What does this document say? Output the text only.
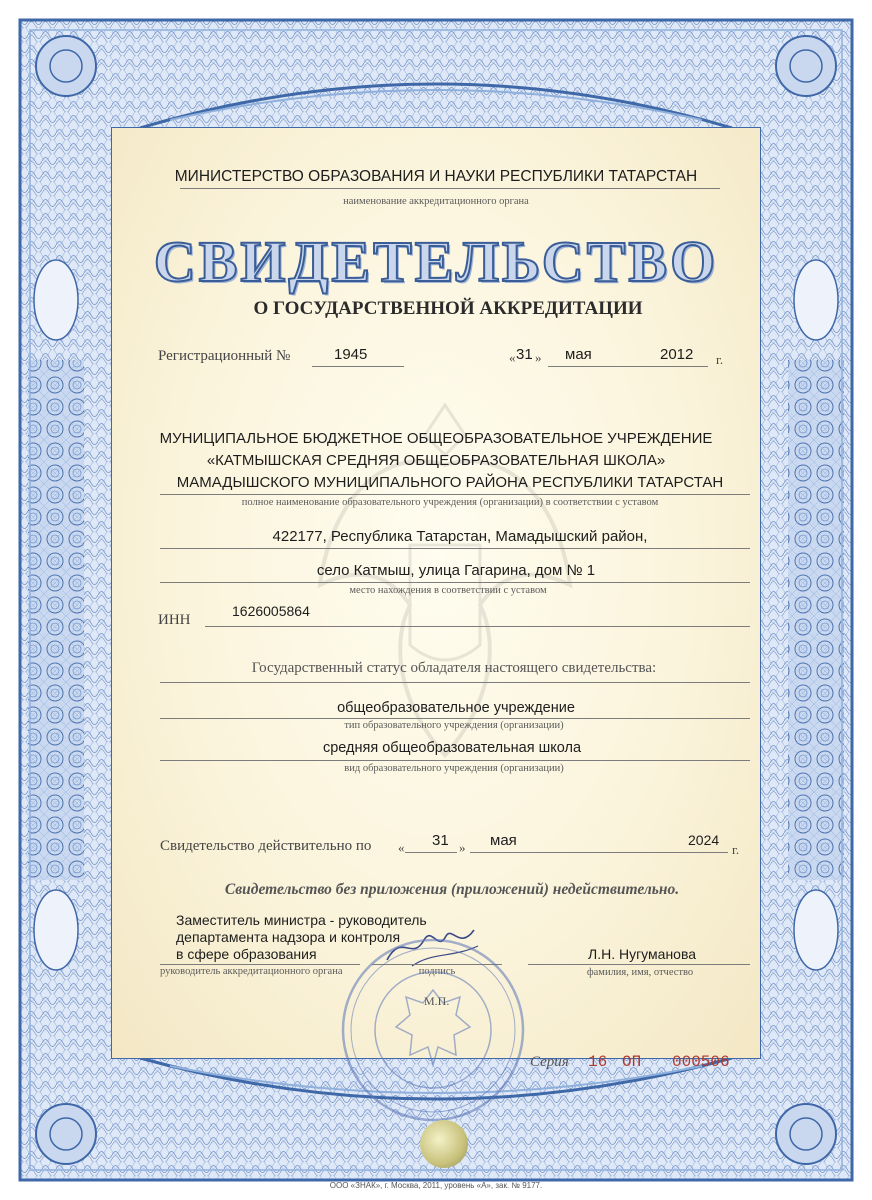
МИНИСТЕРСТВО ОБРАЗОВАНИЯ И НАУКИ РЕСПУБЛИКИ ТАТАРСТАН
наименование аккредитационного органа
СВИДЕТЕЛЬСТВО
О ГОСУДАРСТВЕННОЙ АККРЕДИТАЦИИ
Регистрационный №	1945	« 31 » мая	2012 г.
МУНИЦИПАЛЬНОЕ БЮДЖЕТНОЕ ОБЩЕОБРАЗОВАТЕЛЬНОЕ УЧРЕЖДЕНИЕ
«КАТМЫШСКАЯ СРЕДНЯЯ ОБЩЕОБРАЗОВАТЕЛЬНАЯ ШКОЛА»
МАМАДЫШСКОГО МУНИЦИПАЛЬНОГО РАЙОНА РЕСПУБЛИКИ ТАТАРСТАН
полное наименование образовательного учреждения (организации) в соответствии с уставом
422177, Республика Татарстан, Мамадышский район,
село Катмыш, улица Гагарина, дом № 1
место нахождения в соответствии с уставом
ИНН
1626005864
Государственный статус обладателя настоящего свидетельства:
общеобразовательное учреждение
тип образовательного учреждения (организации)
средняя общеобразовательная школа
вид образовательного учреждения (организации)
Свидетельство действительно по « 31 » мая	2024
г.
Свидетельство без приложения (приложений) недействительно.
Заместитель министра - руководитель
департамента надзора и контроля
в сфере образования
руководитель аккредитационного органа	подпись
Л.Н. Нугуманова
фамилия, имя, отчество
М.П.
Серия 16 ОП 000506
ООО «ЗНАК», г. Москва, 2011, уровень «А», зак. № 9177.
